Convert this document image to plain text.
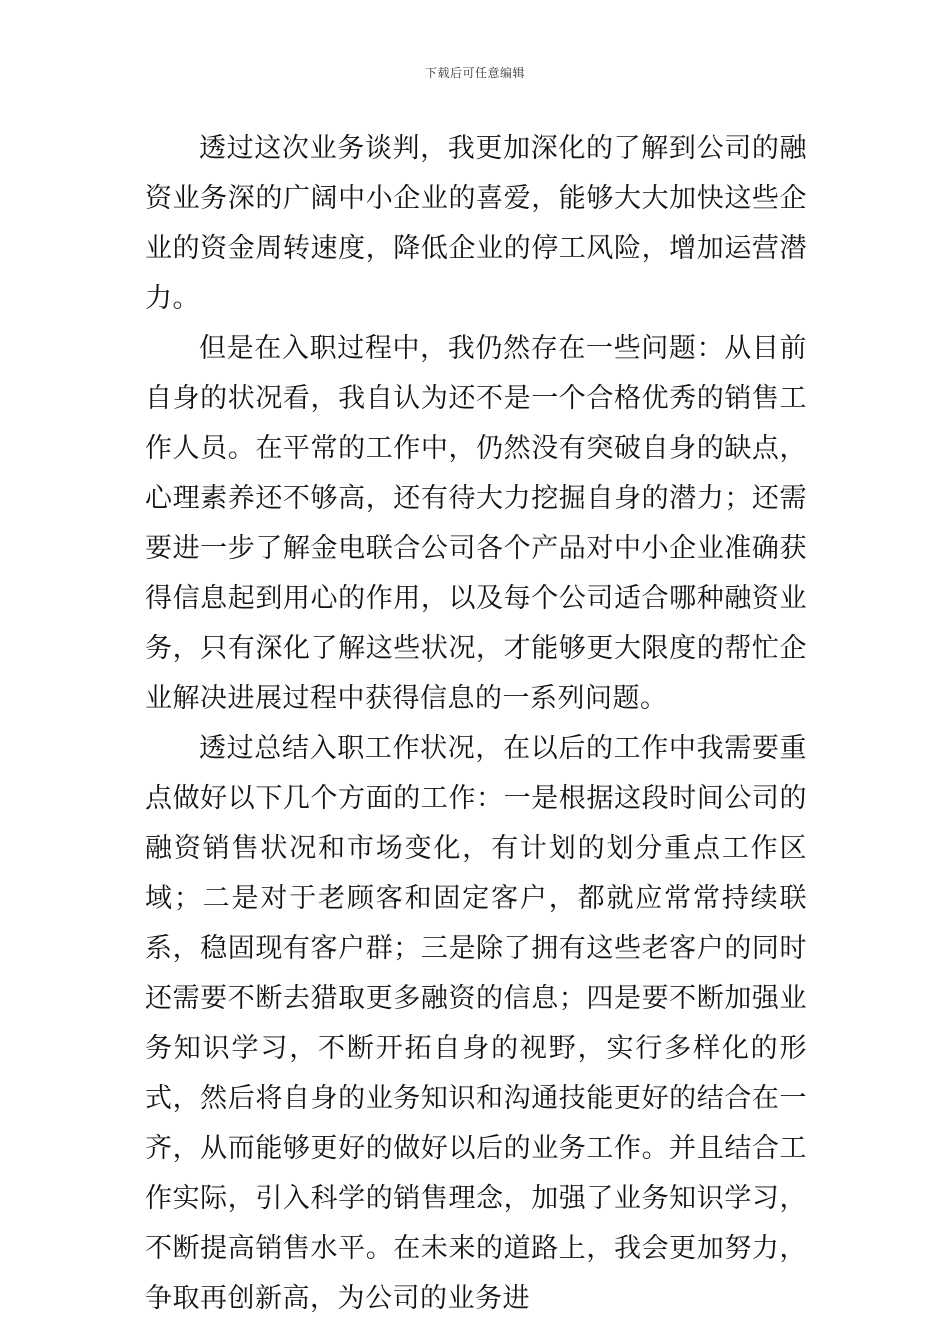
下载后可任意编辑

透过这次业务谈判，我更加深化的了解到公司的融资业务深的广阔中小企业的喜爱，能够大大加快这些企业的资金周转速度，降低企业的停工风险，增加运营潜力。

但是在入职过程中，我仍然存在一些问题：从目前自身的状况看，我自认为还不是一个合格优秀的销售工作人员。在平常的工作中，仍然没有突破自身的缺点，心理素养还不够高，还有待大力挖掘自身的潜力；还需要进一步了解金电联合公司各个产品对中小企业准确获得信息起到用心的作用，以及每个公司适合哪种融资业务，只有深化了解这些状况，才能够更大限度的帮忙企业解决进展过程中获得信息的一系列问题。

透过总结入职工作状况，在以后的工作中我需要重点做好以下几个方面的工作：一是根据这段时间公司的融资销售状况和市场变化，有计划的划分重点工作区域；二是对于老顾客和固定客户，都就应常常持续联系，稳固现有客户群；三是除了拥有这些老客户的同时还需要不断去猎取更多融资的信息；四是要不断加强业务知识学习，不断开拓自身的视野，实行多样化的形式，然后将自身的业务知识和沟通技能更好的结合在一齐，从而能够更好的做好以后的业务工作。并且结合工作实际，引入科学的销售理念，加强了业务知识学习，不断提高销售水平。在未来的道路上，我会更加努力，争取再创新高，为公司的业务进
